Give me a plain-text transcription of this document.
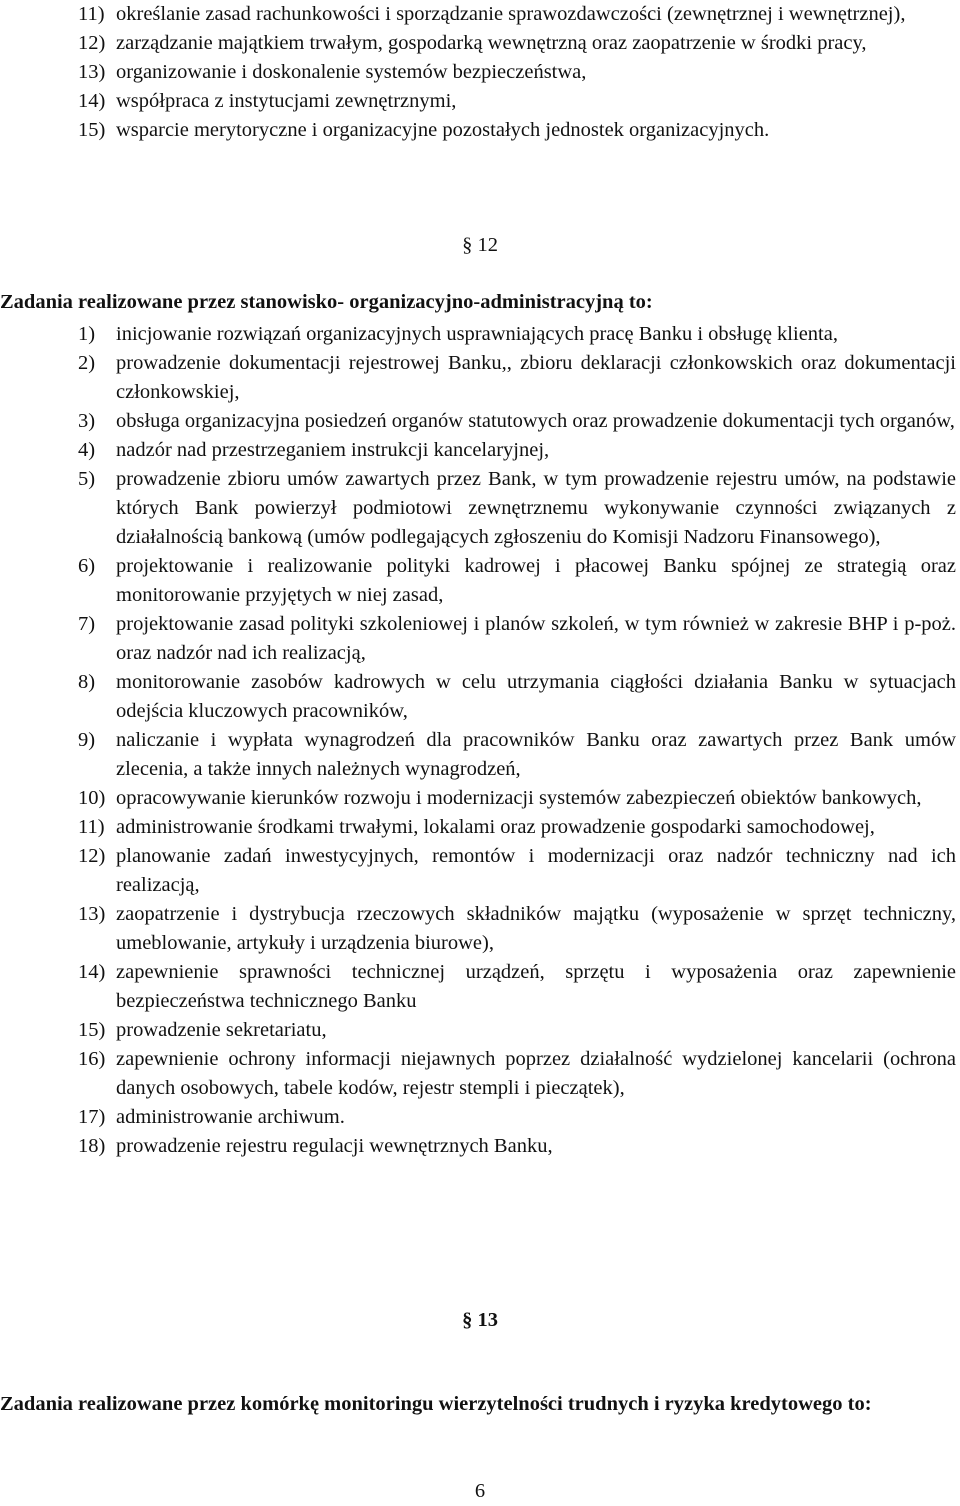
11) określanie zasad rachunkowości i sporządzanie sprawozdawczości (zewnętrznej i wewnętrznej),
12) zarządzanie majątkiem trwałym, gospodarką wewnętrzną oraz zaopatrzenie w środki pracy,
13) organizowanie i doskonalenie systemów bezpieczeństwa,
14) współpraca z instytucjami zewnętrznymi,
15) wsparcie merytoryczne i organizacyjne pozostałych jednostek organizacyjnych.
§ 12
Zadania realizowane przez stanowisko- organizacyjno-administracyjną to:
1)	inicjowanie rozwiązań organizacyjnych usprawniających pracę Banku i obsługę klienta,
2)	prowadzenie dokumentacji rejestrowej Banku,, zbioru deklaracji członkowskich oraz dokumentacji członkowskiej,
3)	obsługa organizacyjna posiedzeń organów statutowych oraz prowadzenie dokumentacji tych organów,
4)	nadzór nad przestrzeganiem instrukcji kancelaryjnej,
5)	prowadzenie zbioru umów zawartych przez Bank, w tym prowadzenie rejestru umów, na podstawie których Bank powierzył podmiotowi zewnętrznemu wykonywanie czynności związanych z działalnością bankową (umów podlegających zgłoszeniu do Komisji Nadzoru Finansowego),
6)	projektowanie i realizowanie polityki kadrowej i płacowej Banku spójnej ze strategią oraz monitorowanie przyjętych w niej zasad,
7)	projektowanie zasad polityki szkoleniowej i planów szkoleń, w tym również w zakresie BHP i p-poż. oraz nadzór nad ich realizacją,
8)	monitorowanie zasobów kadrowych w celu utrzymania ciągłości działania Banku w sytuacjach odejścia kluczowych pracowników,
9)	naliczanie i wypłata wynagrodzeń dla pracowników Banku oraz zawartych przez Bank umów zlecenia, a także innych należnych wynagrodzeń,
10) opracowywanie kierunków rozwoju i modernizacji systemów zabezpieczeń obiektów bankowych,
11) administrowanie środkami trwałymi, lokalami oraz prowadzenie gospodarki samochodowej,
12) planowanie zadań inwestycyjnych, remontów i modernizacji oraz nadzór techniczny nad ich realizacją,
13) zaopatrzenie i dystrybucja rzeczowych składników majątku (wyposażenie w sprzęt techniczny, umeblowanie, artykuły i urządzenia biurowe),
14) zapewnienie sprawności technicznej urządzeń, sprzętu i wyposażenia oraz zapewnienie bezpieczeństwa technicznego Banku
15) prowadzenie sekretariatu,
16) zapewnienie ochrony informacji niejawnych poprzez działalność wydzielonej kancelarii (ochrona danych osobowych, tabele kodów, rejestr stempli i pieczątek),
17) administrowanie archiwum.
18) prowadzenie rejestru regulacji wewnętrznych Banku,
§ 13
Zadania realizowane przez komórkę monitoringu wierzytelności trudnych i ryzyka kredytowego to:
6
